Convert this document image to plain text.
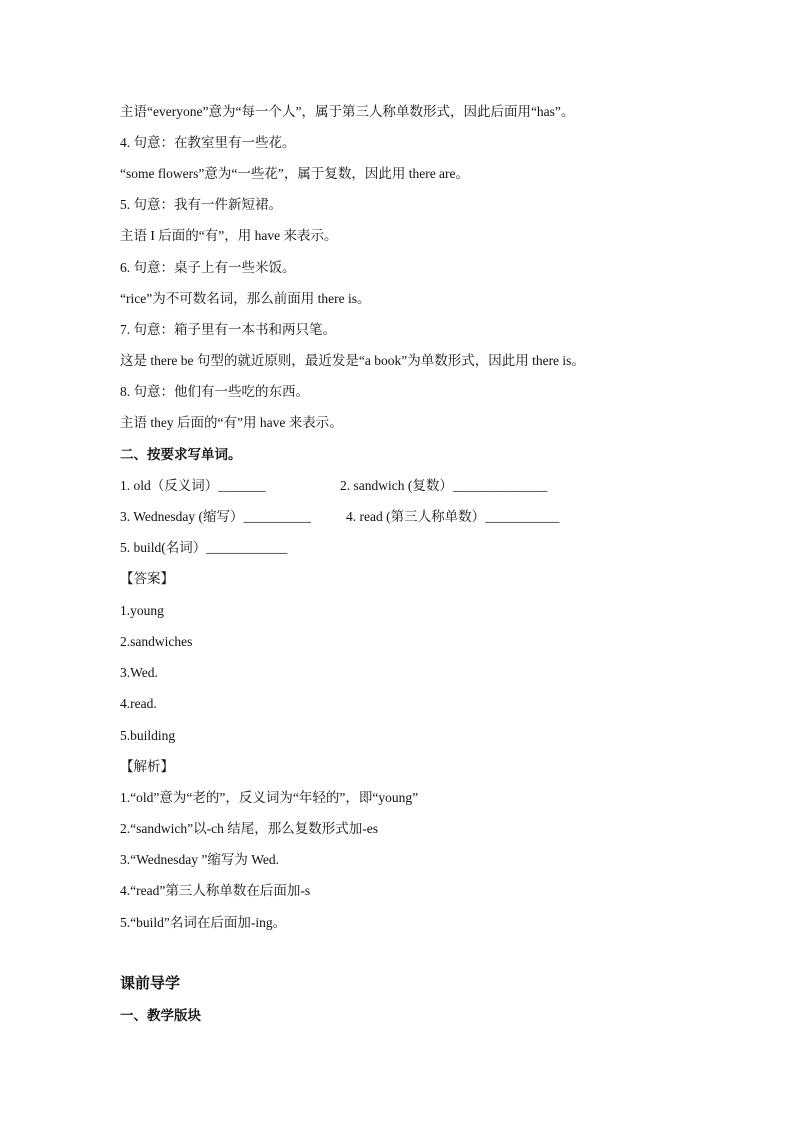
主语“everyone”意为“每一个人”，属于第三人称单数形式，因此后面用“has”。
4. 句意：在教室里有一些花。
“some flowers”意为“一些花”，属于复数，因此用 there are。
5. 句意：我有一件新短裙。
主语 I 后面的“有”，用 have 来表示。
6. 句意：桌子上有一些米饭。
“rice”为不可数名词，那么前面用 there is。
7. 句意：箱子里有一本书和两只笔。
这是 there be 句型的就近原则，最近发是“a book”为单数形式，因此用 there is。
8. 句意：他们有一些吃的东西。
主语 they 后面的“有”用 have 来表示。
二、按要求写单词。
1. old（反义词）_______	2. sandwich (复数）______________
3. Wednesday (缩写）__________	4. read (第三人称单数）___________
5. build(名词）____________
【答案】
1.young
2.sandwiches
3.Wed.
4.read.
5.building
【解析】
1.“old”意为“老的”，反义词为“年轻的”，即“young”
2.“sandwich”以-ch 结尾，那么复数形式加-es
3.“Wednesday ”缩写为 Wed.
4.“read”第三人称单数在后面加-s
5.“build”名词在后面加-ing。
课前导学
一、教学版块
